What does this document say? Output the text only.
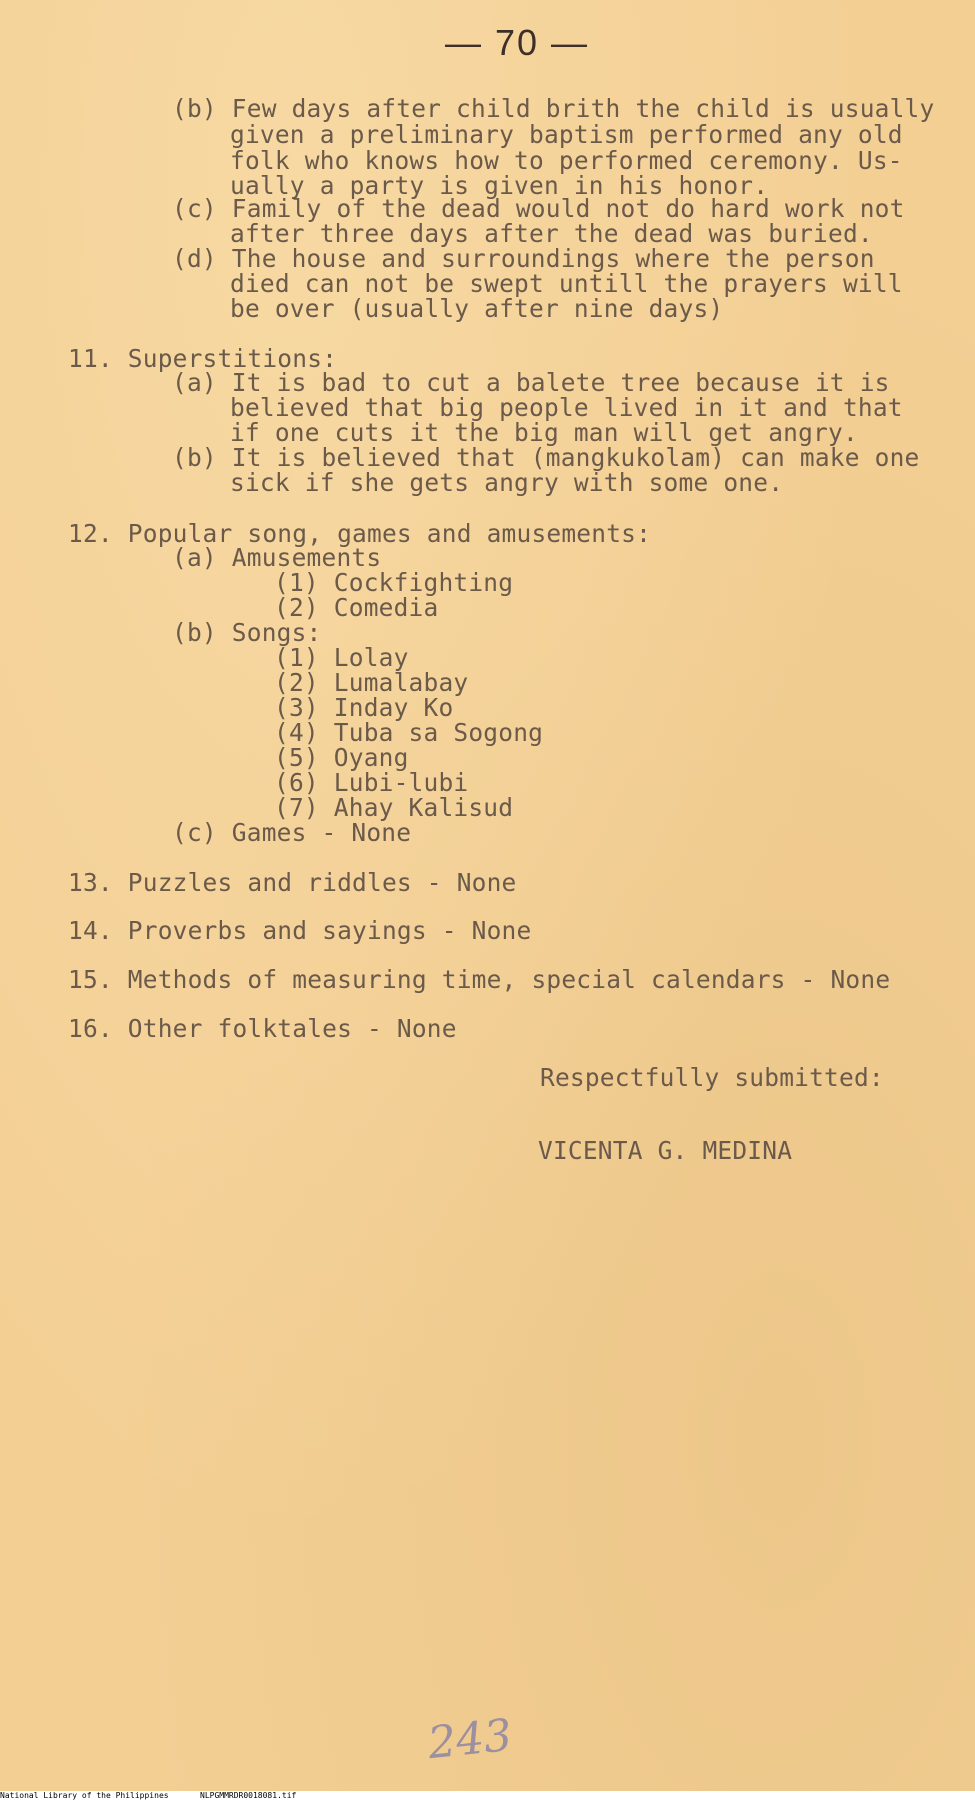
— 70 —
(b) Few days after child brith the child is usually
given a preliminary baptism performed any old
folk who knows how to performed ceremony. Us-
ually a party is given in his honor.
(c) Family of the dead would not do hard work not
after three days after the dead was buried.
(d) The house and surroundings where the person
died can not be swept untill the prayers will
be over (usually after nine days)
11. Superstitions:
(a) It is bad to cut a balete tree because it is
believed that big people lived in it and that
if one cuts it the big man will get angry.
(b) It is believed that (mangkukolam) can make one
sick if she gets angry with some one.
12. Popular song, games and amusements:
(a) Amusements
(1) Cockfighting
(2) Comedia
(b) Songs:
(1) Lolay
(2) Lumalabay
(3) Inday Ko
(4) Tuba sa Sogong
(5) Oyang
(6) Lubi-lubi
(7) Ahay Kalisud
(c) Games - None
13. Puzzles and riddles - None
14. Proverbs and sayings - None
15. Methods of measuring time, special calendars - None
16. Other folktales - None
Respectfully submitted:
VICENTA G. MEDINA
243
National Library of the Philippines	NLPGMMRDR0018081.tif
